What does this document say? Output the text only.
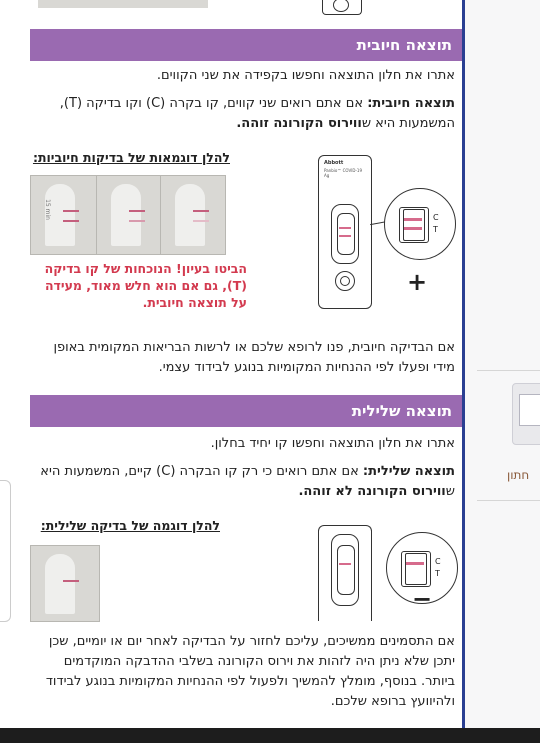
תוצאה חיובית
אתרו את חלון התוצאה וחפשו בקפידה את שני הקווים.
תוצאה חיובית: אם אתם רואים שני קווים, קו בקרה (C) וקו בדיקה (T), המשמעות היא שווירוס הקורונה זוהה.
להלן דוגמאות של בדיקות חיוביות:
15 min
הביטו בעיון! הנוכחות של קו בדיקה (T), גם אם הוא חלש מאוד, מעידה על תוצאה חיובית.
Abbott
Panbio™ COVID-19 Ag
C
T
+
אם הבדיקה חיובית, פנו לרופא שלכם או לרשות הבריאות המקומית באופן מידי ופעלו לפי ההנחיות המקומיות בנוגע לבידוד עצמי.
תוצאה שלילית
אתרו את חלון התוצאה וחפשו קו יחיד בחלון.
תוצאה שלילית: אם אתם רואים כי רק קו הבקרה (C) קיים, המשמעות היא שווירוס הקורונה לא זוהה.
להלן דוגמה של בדיקה שלילית:
C
T
−
אם התסמינים ממשיכים, עליכם לחזור על הבדיקה לאחר יום או יומיים, שכן יתכן שלא ניתן היה לזהות את וירוס הקורונה בשלבי ההדבקה המוקדמים ביותר. בנוסף, מומלץ להמשיך ולפעול לפי ההנחיות המקומיות בנוגע לבידוד ולהיוועץ ברופא שלכם.
חתון
